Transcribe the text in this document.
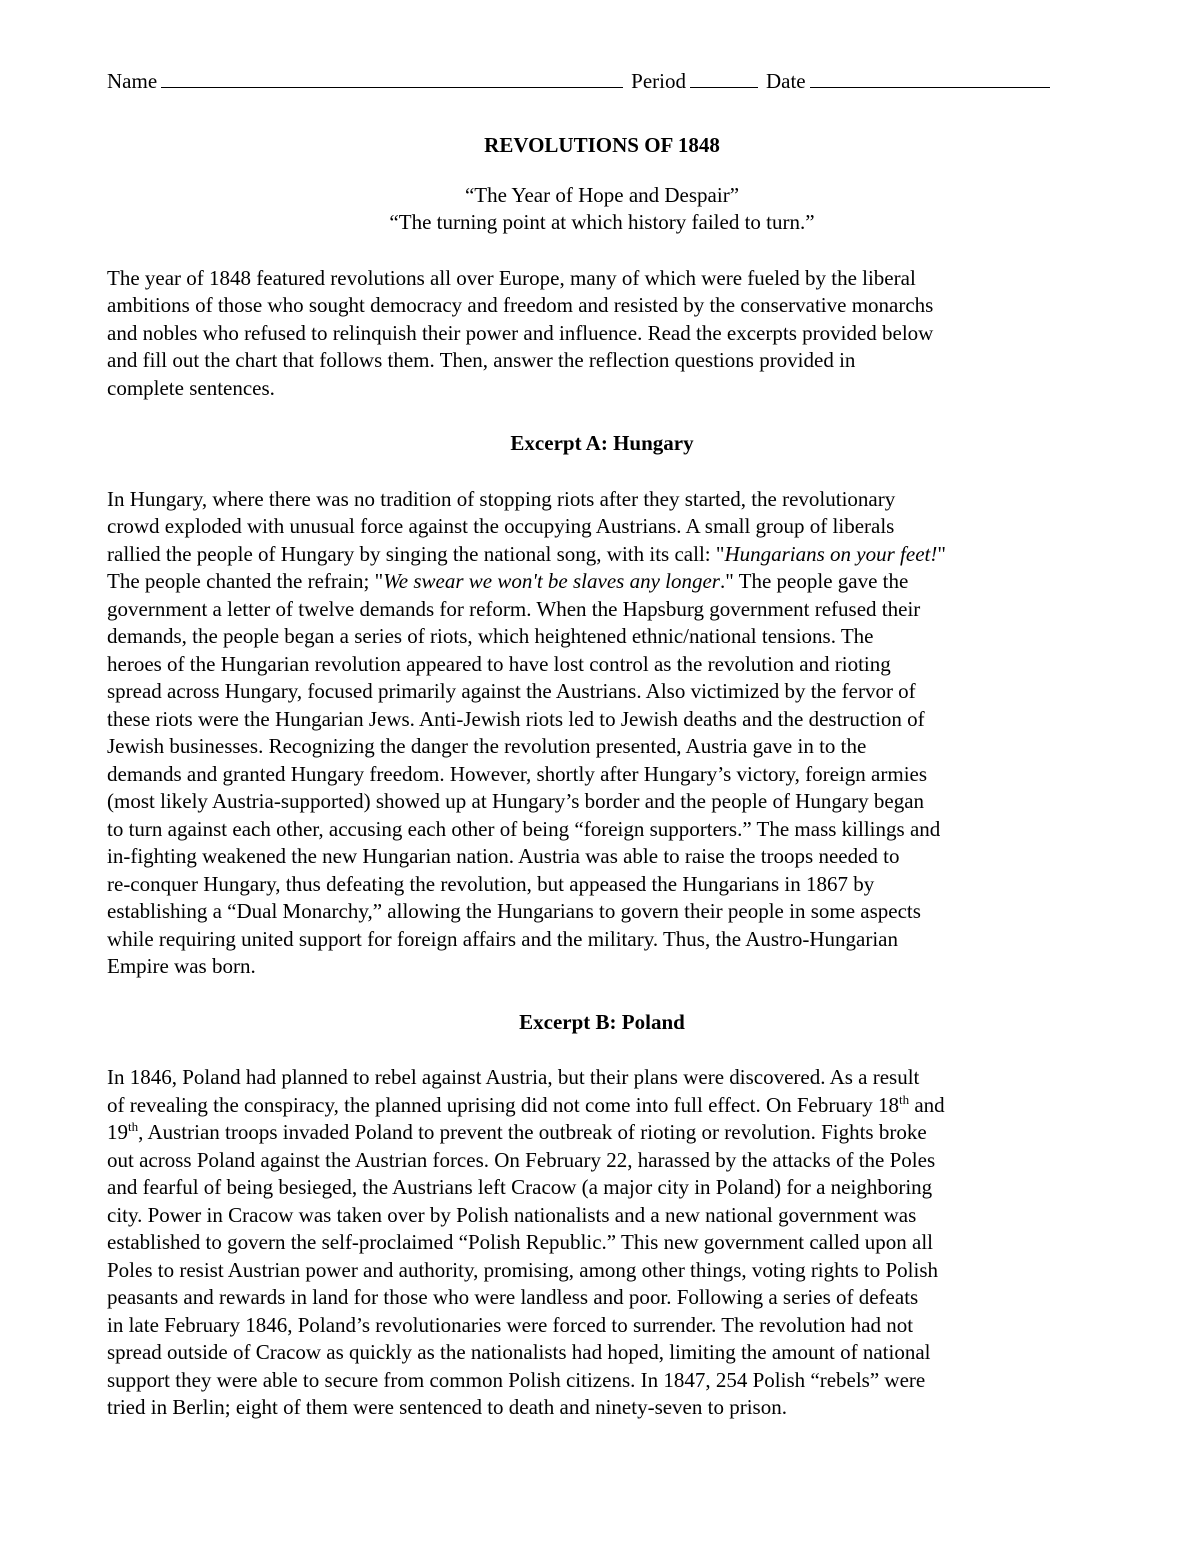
Name	Period	Date
REVOLUTIONS OF 1848
“The Year of Hope and Despair”
“The turning point at which history failed to turn.”
The year of 1848 featured revolutions all over Europe, many of which were fueled by the liberal
ambitions of those who sought democracy and freedom and resisted by the conservative monarchs
and nobles who refused to relinquish their power and influence. Read the excerpts provided below
and fill out the chart that follows them. Then, answer the reflection questions provided in
complete sentences.
Excerpt A: Hungary
In Hungary, where there was no tradition of stopping riots after they started, the revolutionary
crowd exploded with unusual force against the occupying Austrians. A small group of liberals
rallied the people of Hungary by singing the national song, with its call: "Hungarians on your feet!"
The people chanted the refrain; "We swear we won't be slaves any longer." The people gave the
government a letter of twelve demands for reform. When the Hapsburg government refused their
demands, the people began a series of riots, which heightened ethnic/national tensions. The
heroes of the Hungarian revolution appeared to have lost control as the revolution and rioting
spread across Hungary, focused primarily against the Austrians. Also victimized by the fervor of
these riots were the Hungarian Jews. Anti-Jewish riots led to Jewish deaths and the destruction of
Jewish businesses. Recognizing the danger the revolution presented, Austria gave in to the
demands and granted Hungary freedom. However, shortly after Hungary’s victory, foreign armies
(most likely Austria-supported) showed up at Hungary’s border and the people of Hungary began
to turn against each other, accusing each other of being “foreign supporters.” The mass killings and
in-fighting weakened the new Hungarian nation. Austria was able to raise the troops needed to
re-conquer Hungary, thus defeating the revolution, but appeased the Hungarians in 1867 by
establishing a “Dual Monarchy,” allowing the Hungarians to govern their people in some aspects
while requiring united support for foreign affairs and the military. Thus, the Austro-Hungarian
Empire was born.
Excerpt B: Poland
In 1846, Poland had planned to rebel against Austria, but their plans were discovered. As a result
of revealing the conspiracy, the planned uprising did not come into full effect. On February 18th and
19th, Austrian troops invaded Poland to prevent the outbreak of rioting or revolution. Fights broke
out across Poland against the Austrian forces. On February 22, harassed by the attacks of the Poles
and fearful of being besieged, the Austrians left Cracow (a major city in Poland) for a neighboring
city. Power in Cracow was taken over by Polish nationalists and a new national government was
established to govern the self-proclaimed “Polish Republic.” This new government called upon all
Poles to resist Austrian power and authority, promising, among other things, voting rights to Polish
peasants and rewards in land for those who were landless and poor. Following a series of defeats
in late February 1846, Poland’s revolutionaries were forced to surrender. The revolution had not
spread outside of Cracow as quickly as the nationalists had hoped, limiting the amount of national
support they were able to secure from common Polish citizens. In 1847, 254 Polish “rebels” were
tried in Berlin; eight of them were sentenced to death and ninety-seven to prison.
